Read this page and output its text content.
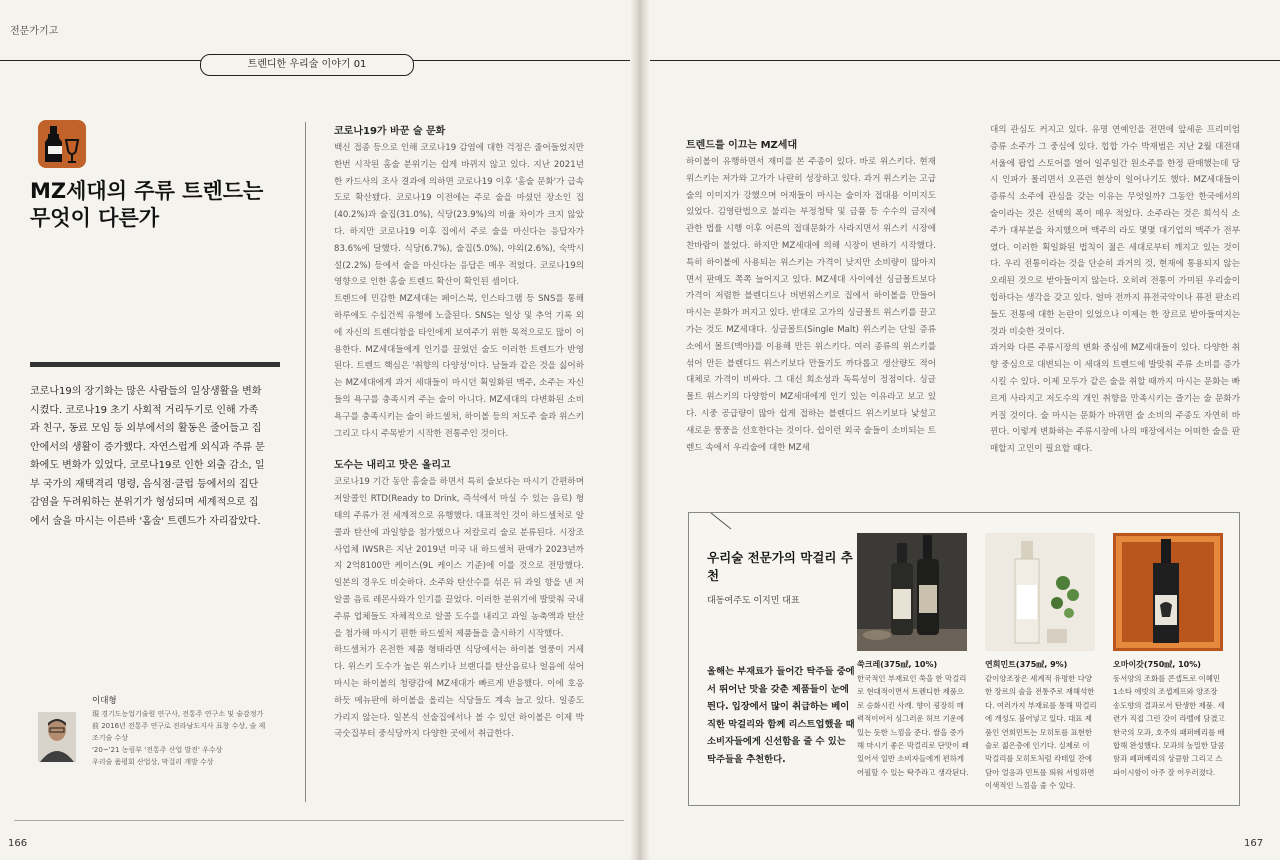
전문가기고
트렌디한 우리술 이야기 01
MZ세대의 주류 트렌드는
무엇이 다른가

코로나19의 장기화는 많은 사람들의 일상생활을 변화시켰다. 코로나19 초기 사회적 거리두기로 인해 가족과 친구, 동료 모임 등 외부에서의 활동은 줄어들고 집안에서의 생활이 증가했다. 자연스럽게 외식과 주류 문화에도 변화가 있었다. 코로나19로 인한 외출 감소, 일부 국가의 재택격리 명령, 음식점·클럽 등에서의 집단 감염을 두려워하는 분위기가 형성되며 세계적으로 집에서 술을 마시는 이른바 '홈술' 트렌드가 자리잡았다.

이대형

現 경기도농업기술원 연구사, 전통주 연구소 및 술감정가
前 2016년 전통주 연구로 전라남도지사 표창 수상, 술 제조기술 수상
'20~'21 농림부 '전통주 산업 발전' 우수상
우리술 품평회 산업상, 막걸리 개발 수상

코로나19가 바꾼 술 문화

백신 접종 등으로 인해 코로나19 감염에 대한 걱정은 줄어들었지만 한번 시작된 홈술 분위기는 쉽게 바뀌지 않고 있다. 지난 2021년 한 카드사의 조사 결과에 의하면 코로나19 이후 '홈술 문화'가 급속도로 확산됐다. 코로나19 이전에는 주로 술을 마셨던 장소인 집(40.2%)과 술집(31.0%), 식당(23.9%)의 비율 차이가 크지 않았다. 하지만 코로나19 이후 집에서 주로 술을 마신다는 응답자가 83.6%에 달했다. 식당(6.7%), 술집(5.0%), 야외(2.6%), 숙박시설(2.2%) 등에서 술을 마신다는 응답은 매우 적었다. 코로나19의 영향으로 인한 홈술 트렌드 확산이 확인된 셈이다.

트렌드에 민감한 MZ세대는 페이스북, 인스타그램 등 SNS를 통해 하루에도 수십건씩 유행에 노출된다. SNS는 일상 및 추억 기록 외에 자신의 트렌디함을 타인에게 보여주기 위한 목적으로도 많이 이용한다. MZ세대들에게 인기를 끌었던 술도 이러한 트렌드가 반영된다. 트렌드 핵심은 '취향의 다양성'이다. 남들과 같은 것을 싫어하는 MZ세대에게 과거 세대들이 마시던 획일화된 맥주, 소주는 자신들의 욕구를 충족시켜 주는 술이 아니다. MZ세대의 다변화된 소비 욕구를 충족시키는 술이 하드셀처, 하이볼 등의 저도주 술과 위스키 그리고 다시 주목받기 시작한 전통주인 것이다.

도수는 내리고 맛은 올리고

코로나19 기간 동안 홈술을 하면서 특히 술보다는 마시기 간편하며 저알콜인 RTD(Ready to Drink, 즉석에서 마실 수 있는 음료) 형태의 주류가 전 세계적으로 유행했다. 대표적인 것이 하드셀처로 알콜과 탄산에 과일향을 첨가했으나 저칼로리 술로 분류된다. 시장조사업체 IWSR은 지난 2019년 미국 내 하드셀처 판매가 2023년까지 2억8100만 케이스(9L 케이스 기준)에 이를 것으로 전망했다. 일본의 경우도 비슷하다. 소주와 탄산수를 섞은 뒤 과일 향을 낸 저알콜 음료 레몬사와가 인기를 끌었다. 이러한 분위기에 발맞춰 국내 주류 업체들도 자체적으로 알콜 도수를 내리고 과일 농축액과 탄산을 첨가해 마시기 편한 하드셀처 제품들을 출시하기 시작했다.

하드셀처가 온전한 제품 형태라면 식당에서는 하이볼 열풍이 거세다. 위스키 도수가 높은 위스키나 브랜디를 탄산음료나 얼음에 섞어 마시는 하이볼의 청량감에 MZ세대가 빠르게 반응했다. 이에 호응하듯 메뉴판에 하이볼을 올리는 식당들도 계속 늘고 있다. 일종도 가리지 않는다. 일본식 선술집에서나 볼 수 있던 하이볼은 이제 박국숫집부터 중식당까지 다양한 곳에서 취급한다.

166
트렌드를 이끄는 MZ세대

하이볼이 유행하면서 재미를 본 주종이 있다. 바로 위스키다. 현재 위스키는 저가와 고가가 나란히 성장하고 있다. 과거 위스키는 고급 술의 이미지가 강했으며 어재들이 마시는 술이자 접대용 이미지도 있었다. 김영란법으로 불리는 부정청탁 및 금품 등 수수의 금지에 관한 법률 시행 이후 어른의 접대문화가 사라지면서 위스키 시장에 찬바람이 불었다. 하지만 MZ세대에 의해 시장이 변하기 시작했다. 특히 하이볼에 사용되는 위스키는 가격이 낮지만 소비량이 많아지면서 판매도 쪽쪽 늘어지고 있다. MZ세대 사이에선 싱글몰트보다 가격이 저렴한 블렌디드나 버번위스키로 집에서 하이볼을 만들어 마시는 문화가 퍼지고 있다. 반대로 고가의 싱글몰트 위스키를 끌고 가는 것도 MZ세대다. 싱글몰트(Single Malt) 위스키는 단일 증류소에서 몰트(맥아)를 이용해 만든 위스키다. 여러 종류의 위스키를 섞어 만든 블렌디드 위스키보다 만들기도 까다롭고 생산량도 적어 대체로 가격이 비싸다. 그 대신 희소성과 독특성이 정점이다. 싱글몰트 위스키의 다양함이 MZ세대에게 인기 있는 이유라고 보고 있다. 시중 공급량이 많아 쉽게 접하는 블렌디드 위스키보다 낯설고 새로운 풍풍을 선호한다는 것이다. 쉽이런 외국 술들이 소비되는 트렌드 속에서 우리술에 대한 MZ세

대의 관심도 커지고 있다. 유명 연예인을 전면에 앞세운 프리미엄 증류 소주가 그 중심에 있다. 힙합 가수 박재범은 지난 2월 대전대 서울에 팝업 스토어를 열어 일주일간 원소주를 한정 판매했는데 당시 인파가 몰리면서 오픈런 현상이 일어나기도 했다. MZ세대들이 증류식 소주에 관심을 갖는 이유는 무엇일까? 그동안 한국에서의 술이라는 것은 선택의 폭이 매우 적었다. 소주라는 것은 희석식 소주가 대부분을 차지했으며 맥주의 라도 몇몇 대기업의 맥주가 전부였다. 이러한 획일화된 법칙이 젊은 세대로부터 깨지고 있는 것이다. 우리 전통이라는 것을 단순히 과거의 것, 현재에 통용되지 않는 오래된 것으로 받아들이지 않는다. 오히려 전통이 가미된 우리술이 힙하다는 생각을 갖고 있다. 얼마 전까지 퓨전국악이나 퓨전 판소리들도 전통에 대한 논란이 있었으나 이제는 한 장르로 받아들여지는 것과 비슷한 것이다.

과거와 다른 주류시장의 변화 중심에 MZ세대들이 있다. 다양한 취향 중심으로 대변되는 이 세대의 트렌드에 발맞춰 주류 소비를 증가시킬 수 있다. 이제 모두가 같은 술을 취할 때까지 마시는 문화는 빠르게 사라지고 저도수의 개인 취향을 만족시키는 즐기는 술 문화가 커질 것이다. 술 마시는 문화가 바뀌면 술 소비의 주종도 자연히 바뀐다. 이렇게 변화하는 주류시장에 나의 매장에서는 어떠한 술을 판매할지 고민이 필요할 때다.

167
우리술 전문가의 막걸리 추천
대동여주도 이지민 대표

올해는 부재료가 들어간 탁주들 중에서 뛰어난 맛을 갖춘 제품들이 눈에 띈다. 입장에서 많이 취급하는 베이직한 막걸리와 함께 리스트업했을 때 소비자들에게 신선함을 줄 수 있는 탁주들을 추천한다.

쑥크레(375㎖, 10%)

한국적인 부재료인 쑥을 한 막걸리로 현대적이면서 트렌디한 제품으로 승화시킨 사례. 향이 굉장히 매력적이어서 싱그러운 허브 기운에 있는 듯한 느낌을 준다. 쌀을 증가해 마시기 좋은 막걸리로 단맛이 꽤 있어서 일반 소비자들에게 편하게 어필할 수 있는 탁주라고 생각된다.

연희민트(375㎖, 9%)

같이양조장은 세계적 유명한 다양한 장르의 술을 전통주로 재해석한다. 여러가지 부재료를 통해 막걸리에 개성도 불어넣고 있다. 대표 제품인 연희민트는 모히토를 표현한 술로 젊은층에 인기다. 실제로 이 막걸리를 모히토처럼 칵테일 잔에 담아 얼음과 민트를 띄워 서빙하면 이색적인 느낌을 줄 수 있다.

오마이갓(750㎖, 10%)

동서양의 조화를 콘셉트로 이혜민 1소타 에빗의 조셉제프와 양조장 송도향의 결과로서 탄생한 제품. 세련가 직접 그린 갓이 라벨에 담겼고 한국의 모과, 호주의 패퍼베리를 배합해 완성했다. 모과의 농밀한 달콤함과 페퍼베리의 상큼함 그리고 스파이시함이 아주 잘 어우러졌다.
